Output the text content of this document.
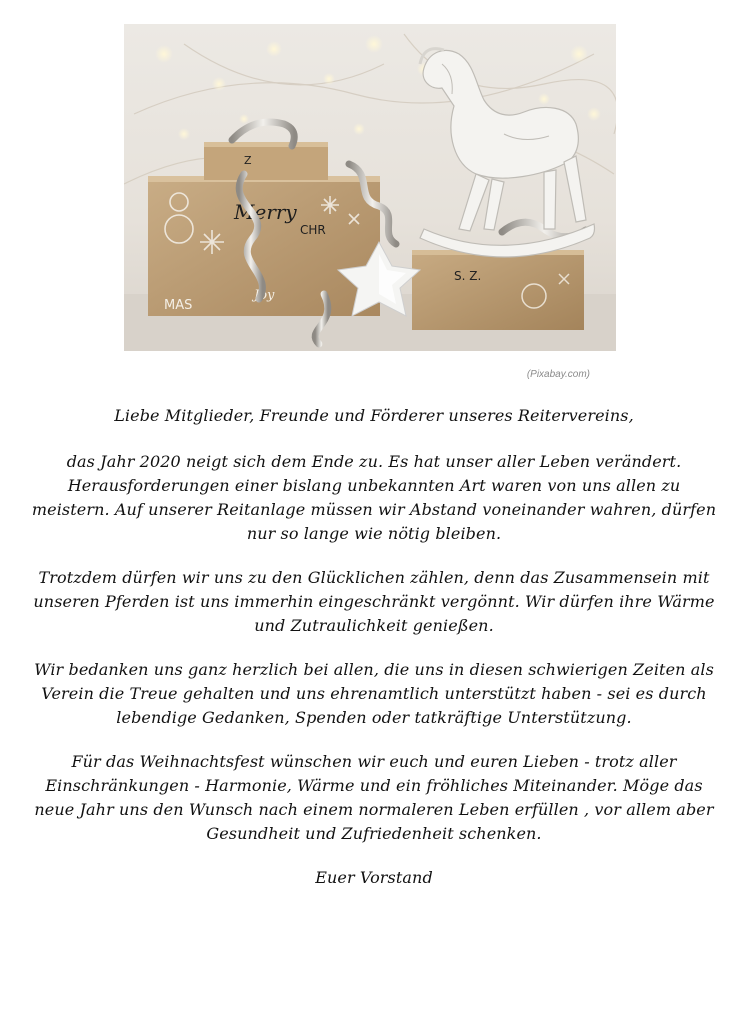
Merry
CHR
MAS
Joy
Z
S. Z.
(Pixabay.com)

Liebe Mitglieder, Freunde und Förderer unseres Reitervereins,

das Jahr 2020 neigt sich dem Ende zu. Es hat unser aller Leben verändert. Herausforderungen einer bislang unbekannten Art waren von uns allen zu meistern. Auf unserer Reitanlage müssen wir Abstand voneinander wahren, dürfen nur so lange wie nötig bleiben.

Trotzdem dürfen wir uns zu den Glücklichen zählen, denn das Zusammensein mit unseren Pferden ist uns immerhin eingeschränkt vergönnt. Wir dürfen ihre Wärme und Zutraulichkeit genießen.

Wir bedanken uns ganz herzlich bei allen, die uns in diesen schwierigen Zeiten als Verein die Treue gehalten und uns ehrenamtlich unterstützt haben - sei es durch lebendige Gedanken, Spenden oder tatkräftige Unterstützung.

Für das Weihnachtsfest wünschen wir euch und euren Lieben - trotz aller Einschränkungen - Harmonie, Wärme und ein fröhliches Miteinander. Möge das neue Jahr uns den Wunsch nach einem normaleren Leben erfüllen , vor allem aber Gesundheit und Zufriedenheit schenken.

Euer Vorstand
